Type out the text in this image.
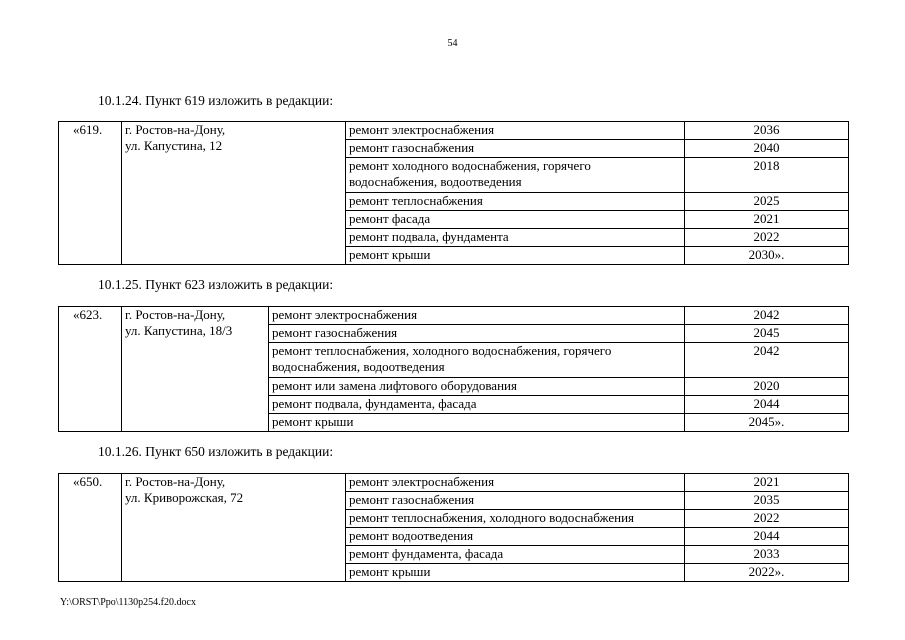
54
10.1.24. Пункт 619 изложить в редакции:
«619.	г. Ростов-на-Дону,
ул. Капустина, 12	ремонт электроснабжения	2036
		ремонт газоснабжения	2040
		ремонт холодного водоснабжения, горячего водоснабжения, водоотведения	2018
		ремонт теплоснабжения	2025
		ремонт фасада	2021
		ремонт подвала, фундамента	2022
		ремонт крыши	2030».
10.1.25. Пункт 623 изложить в редакции:
«623.	г. Ростов-на-Дону,
ул. Капустина, 18/3	ремонт электроснабжения	2042
		ремонт газоснабжения	2045
		ремонт теплоснабжения, холодного водоснабжения, горячего водоснабжения, водоотведения	2042
		ремонт или замена лифтового оборудования	2020
		ремонт подвала, фундамента, фасада	2044
		ремонт крыши	2045».
10.1.26. Пункт 650 изложить в редакции:
«650.	г. Ростов-на-Дону,
ул. Криворожская, 72	ремонт электроснабжения	2021
		ремонт газоснабжения	2035
		ремонт теплоснабжения, холодного водоснабжения	2022
		ремонт водоотведения	2044
		ремонт фундамента, фасада	2033
		ремонт крыши	2022».
Y:\ORST\Ppo\1130p254.f20.docx
